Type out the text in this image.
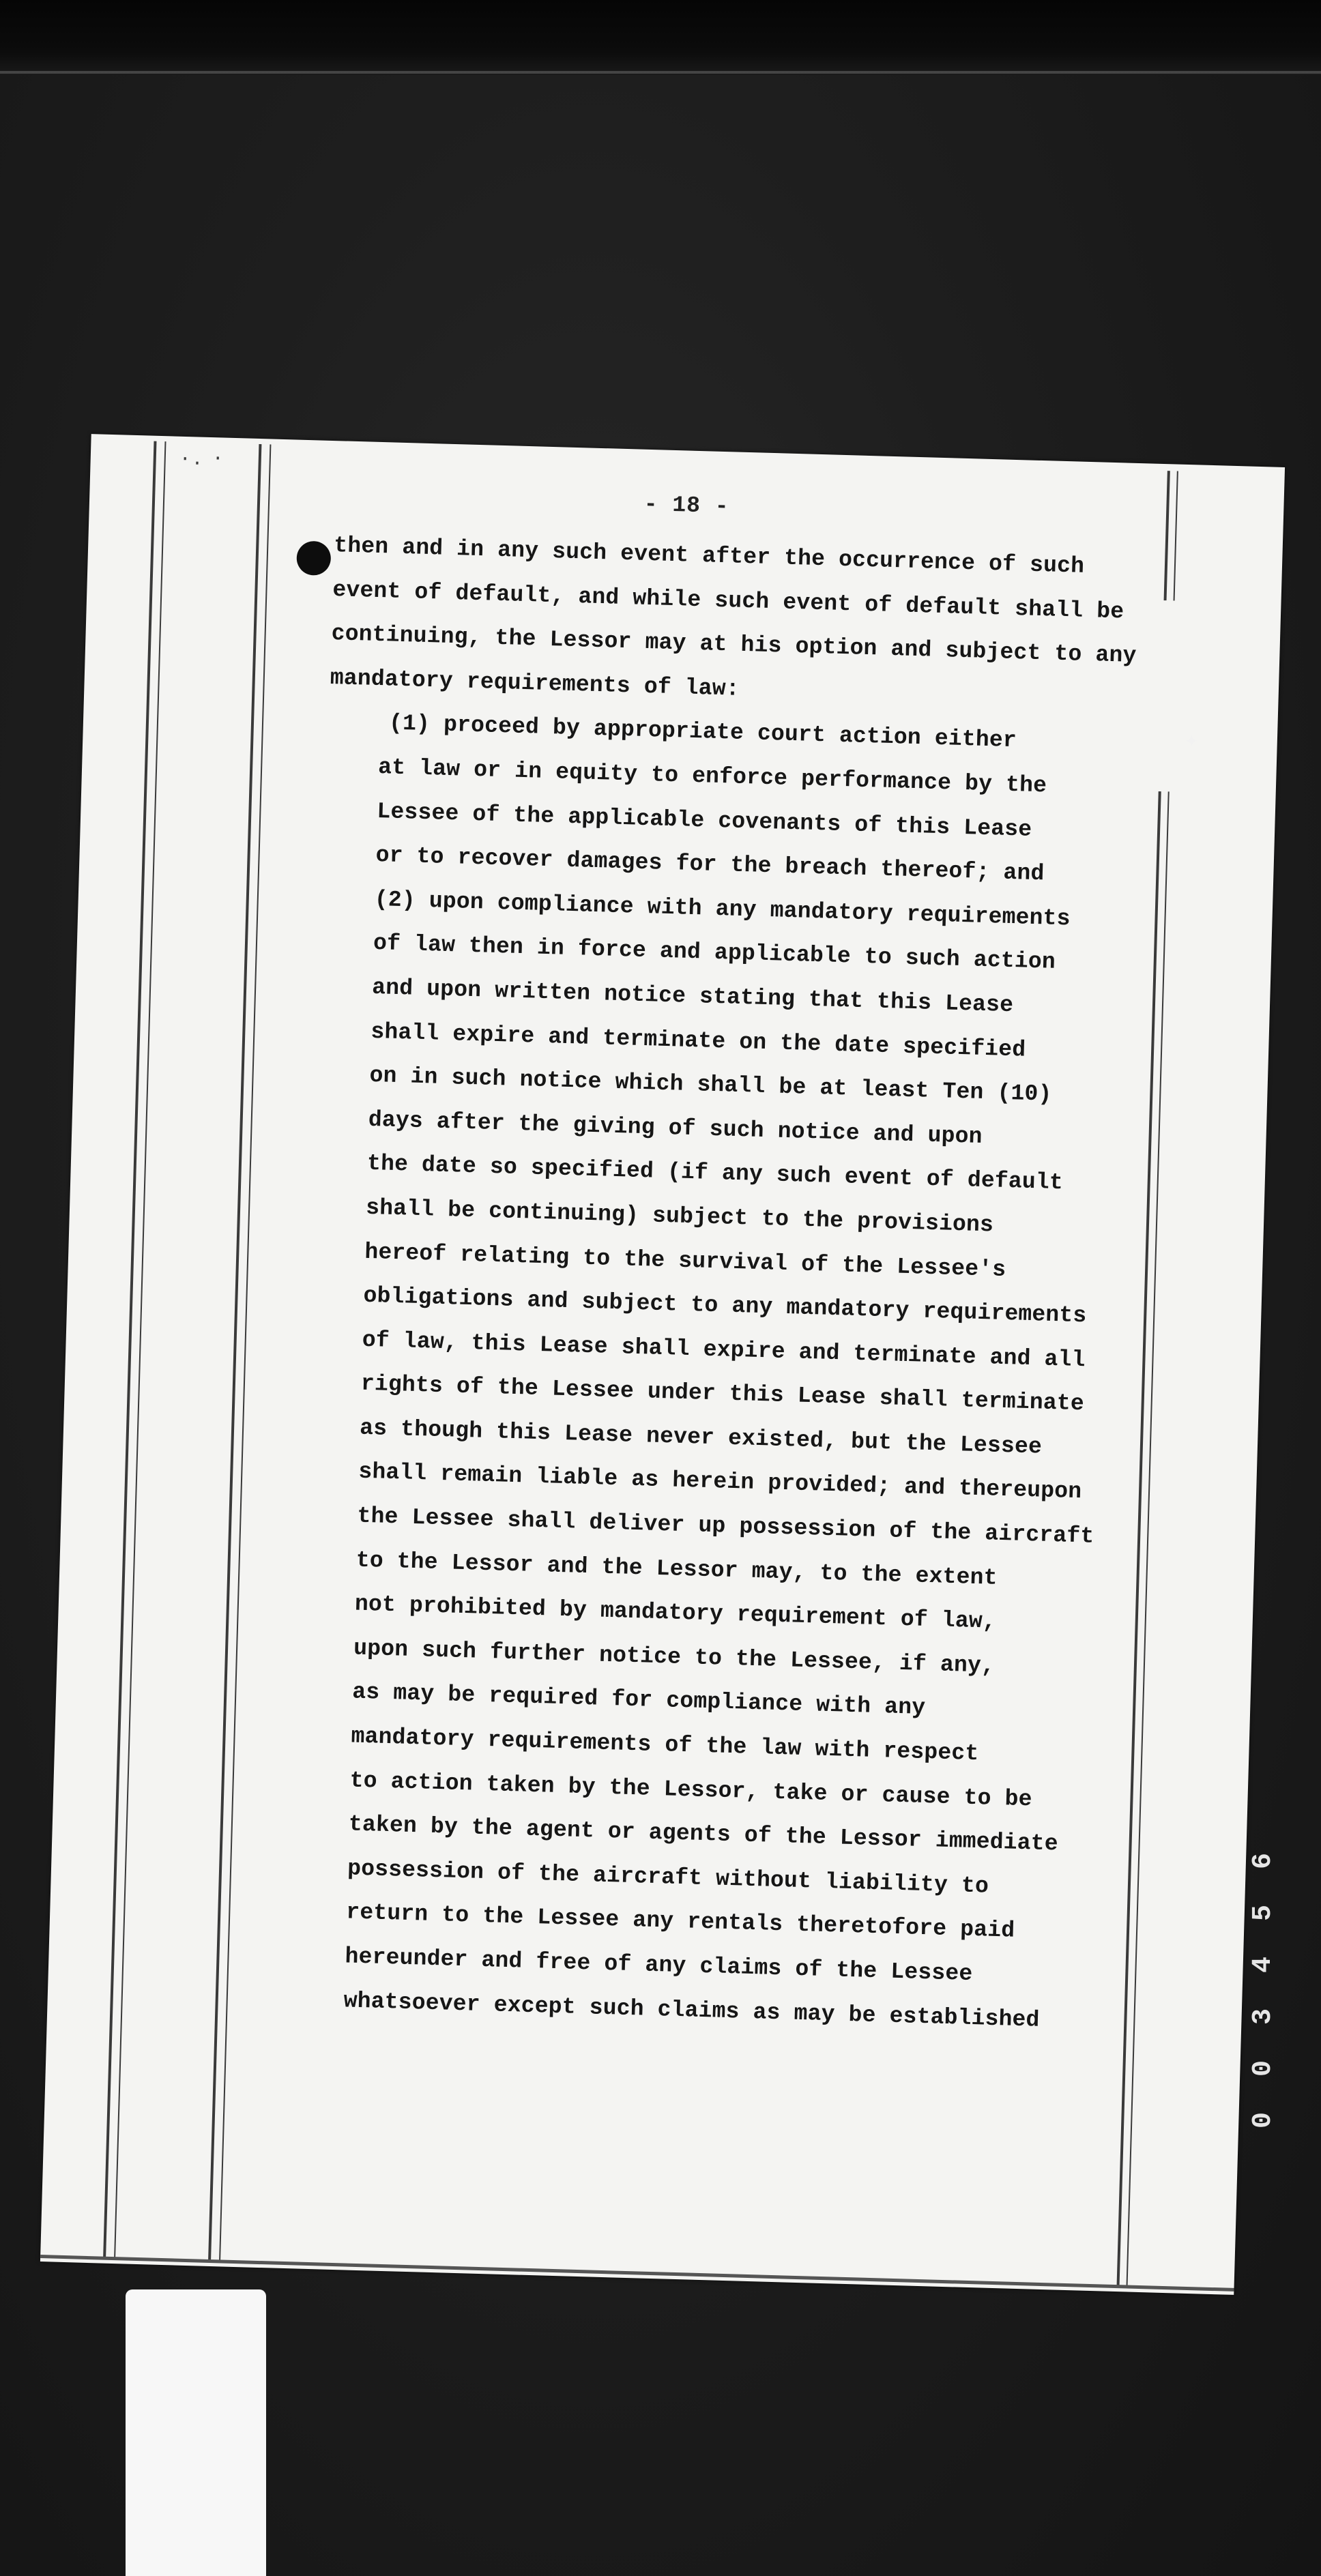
· · ·
- 18 -
then and in any such event after the occurrence of such
event of default, and while such event of default shall be
continuing, the Lessor may at his option and subject to any
mandatory requirements of law:
(1) proceed by appropriate court action either
at law or in equity to enforce performance by the
Lessee of the applicable covenants of this Lease
or to recover damages for the breach thereof; and
(2) upon compliance with any mandatory requirements
of law then in force and applicable to such action
and upon written notice stating that this Lease
shall expire and terminate on the date specified
on in such notice which shall be at least Ten (10)
days after the giving of such notice and upon
the date so specified (if any such event of default
shall be continuing) subject to the provisions
hereof relating to the survival of the Lessee's
obligations and subject to any mandatory requirements
of law, this Lease shall expire and terminate and all
rights of the Lessee under this Lease shall terminate
as though this Lease never existed, but the Lessee
shall remain liable as herein provided; and thereupon
the Lessee shall deliver up possession of the aircraft
to the Lessor and the Lessor may, to the extent
not prohibited by mandatory requirement of law,
upon such further notice to the Lessee, if any,
as may be required for compliance with any
mandatory requirements of the law with respect
to action taken by the Lessor, take or cause to be
taken by the agent or agents of the Lessor immediate
possession of the aircraft without liability to
return to the Lessee any rentals theretofore paid
hereunder and free of any claims of the Lessee
whatsoever except such claims as may be established
✦
6
5
4
3
0
0
